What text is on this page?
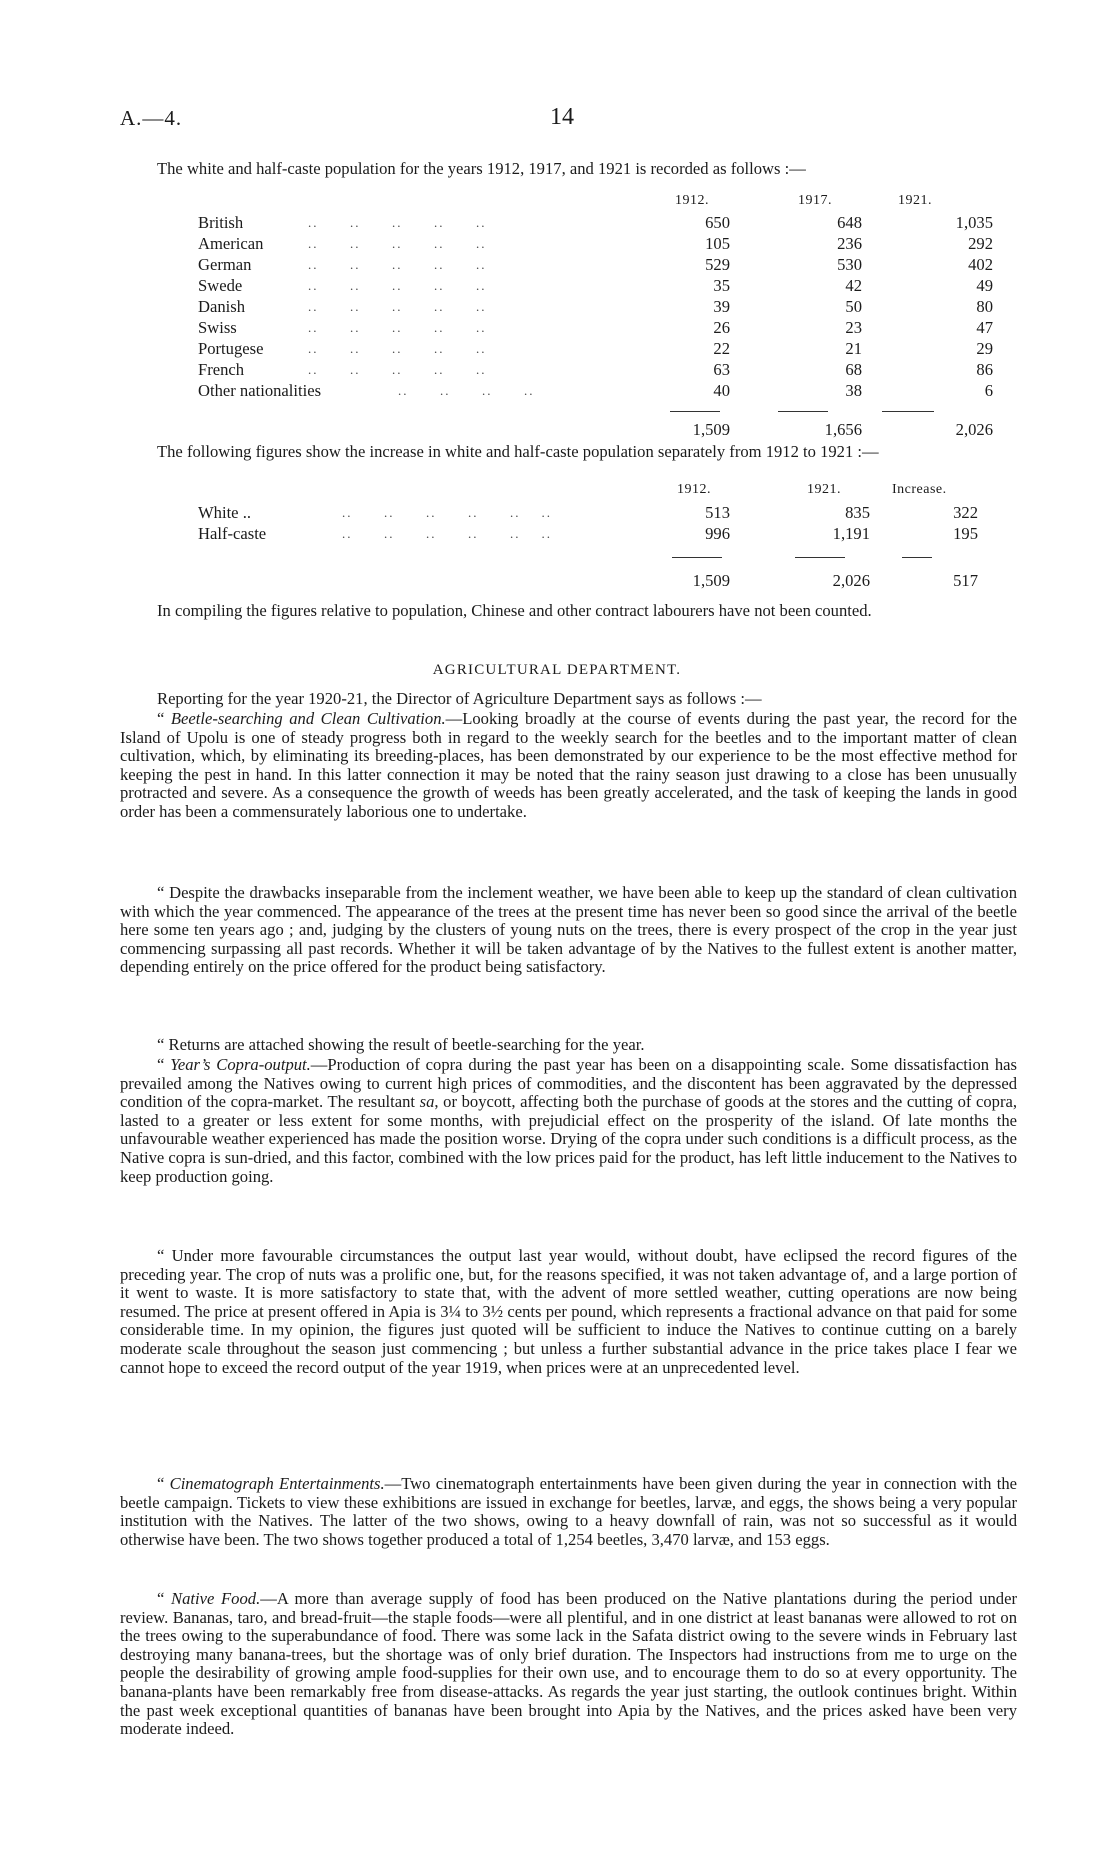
A.—4.	14

The white and half-caste population for the years 1912, 1917, and 1921 is recorded as follows :—

1912.	1917.	1921.
British	..      ..      ..      ..      ..	650	648	1,035
American	..      ..      ..      ..      ..	105	236	292
German	..      ..      ..      ..      ..	529	530	402
Swede	..      ..      ..      ..      ..	35	42	49
Danish	..      ..      ..      ..      ..	39	50	80
Swiss	..      ..      ..      ..      ..	26	23	47
Portugese	..      ..      ..      ..      ..	22	21	29
French	..      ..      ..      ..      ..	63	68	86
Other nationalities	..      ..      ..      ..	40	38	6
1,509	1,656	2,026

The following figures show the increase in white and half-caste population separately from 1912 to 1921 :—

1912.	1921.	Increase.
White ..	..      ..      ..      ..      ..    ..	513	835	322
Half-caste	..      ..      ..      ..      ..    ..	996	1,191	195
1,509	2,026	517

In compiling the figures relative to population, Chinese and other contract labourers have not been counted.

AGRICULTURAL DEPARTMENT.

Reporting for the year 1920-21, the Director of Agriculture Department says as follows :—

“ Beetle-searching and Clean Cultivation.—Looking broadly at the course of events during the past year, the record for the Island of Upolu is one of steady progress both in regard to the weekly search for the beetles and to the important matter of clean cultivation, which, by eliminating its breeding-places, has been demonstrated by our experience to be the most effective method for keeping the pest in hand. In this latter connection it may be noted that the rainy season just drawing to a close has been unusually protracted and severe. As a consequence the growth of weeds has been greatly accelerated, and the task of keeping the lands in good order has been a commensurately laborious one to undertake.

“ Despite the drawbacks inseparable from the inclement weather, we have been able to keep up the standard of clean cultivation with which the year commenced. The appearance of the trees at the present time has never been so good since the arrival of the beetle here some ten years ago ; and, judging by the clusters of young nuts on the trees, there is every prospect of the crop in the year just commencing surpassing all past records. Whether it will be taken advantage of by the Natives to the fullest extent is another matter, depending entirely on the price offered for the product being satisfactory.

“ Returns are attached showing the result of beetle-searching for the year.

“ Year’s Copra-output.—Production of copra during the past year has been on a disappointing scale. Some dissatisfaction has prevailed among the Natives owing to current high prices of commodities, and the discontent has been aggravated by the depressed condition of the copra-market. The resultant sa, or boycott, affecting both the purchase of goods at the stores and the cutting of copra, lasted to a greater or less extent for some months, with prejudicial effect on the prosperity of the island. Of late months the unfavourable weather experienced has made the position worse. Drying of the copra under such conditions is a difficult process, as the Native copra is sun-dried, and this factor, combined with the low prices paid for the product, has left little inducement to the Natives to keep production going.

“ Under more favourable circumstances the output last year would, without doubt, have eclipsed the record figures of the preceding year. The crop of nuts was a prolific one, but, for the reasons specified, it was not taken advantage of, and a large portion of it went to waste. It is more satisfactory to state that, with the advent of more settled weather, cutting operations are now being resumed. The price at present offered in Apia is 3¼ to 3½ cents per pound, which represents a fractional advance on that paid for some considerable time. In my opinion, the figures just quoted will be sufficient to induce the Natives to continue cutting on a barely moderate scale throughout the season just commencing ; but unless a further substantial advance in the price takes place I fear we cannot hope to exceed the record output of the year 1919, when prices were at an unprecedented level.

“ Cinematograph Entertainments.—Two cinematograph entertainments have been given during the year in connection with the beetle campaign. Tickets to view these exhibitions are issued in exchange for beetles, larvæ, and eggs, the shows being a very popular institution with the Natives. The latter of the two shows, owing to a heavy downfall of rain, was not so successful as it would otherwise have been. The two shows together produced a total of 1,254 beetles, 3,470 larvæ, and 153 eggs.

“ Native Food.—A more than average supply of food has been produced on the Native plantations during the period under review. Bananas, taro, and bread-fruit—the staple foods—were all plentiful, and in one district at least bananas were allowed to rot on the trees owing to the superabundance of food. There was some lack in the Safata district owing to the severe winds in February last destroying many banana-trees, but the shortage was of only brief duration. The Inspectors had instructions from me to urge on the people the desirability of growing ample food-supplies for their own use, and to encourage them to do so at every opportunity. The banana-plants have been remarkably free from disease-attacks. As regards the year just starting, the outlook continues bright. Within the past week exceptional quantities of bananas have been brought into Apia by the Natives, and the prices asked have been very moderate indeed.
